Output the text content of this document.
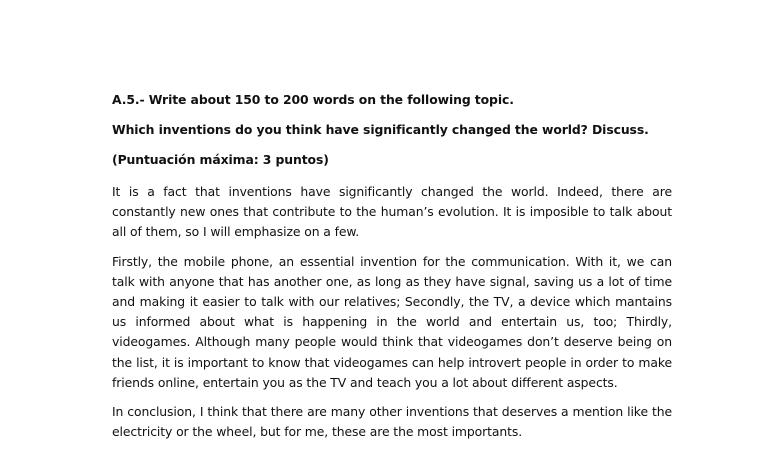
A.5.- Write about 150 to 200 words on the following topic.

Which inventions do you think have significantly changed the world? Discuss.

(Puntuación máxima: 3 puntos)

It is a fact that inventions have significantly changed the world. Indeed, there are constantly new ones that contribute to the human’s evolution. It is imposible to talk about all of them, so I will emphasize on a few.

Firstly, the mobile phone, an essential invention for the communication. With it, we can talk with anyone that has another one, as long as they have signal, saving us a lot of time and making it easier to talk with our relatives; Secondly, the TV, a device which mantains us informed about what is happening in the world and entertain us, too; Thirdly, videogames. Although many people would think that videogames don’t deserve being on the list, it is important to know that videogames can help introvert people in order to make friends online, entertain you as the TV and teach you a lot about different aspects.

In conclusion, I think that there are many other inventions that deserves a mention like the electricity or the wheel, but for me, these are the most importants.
